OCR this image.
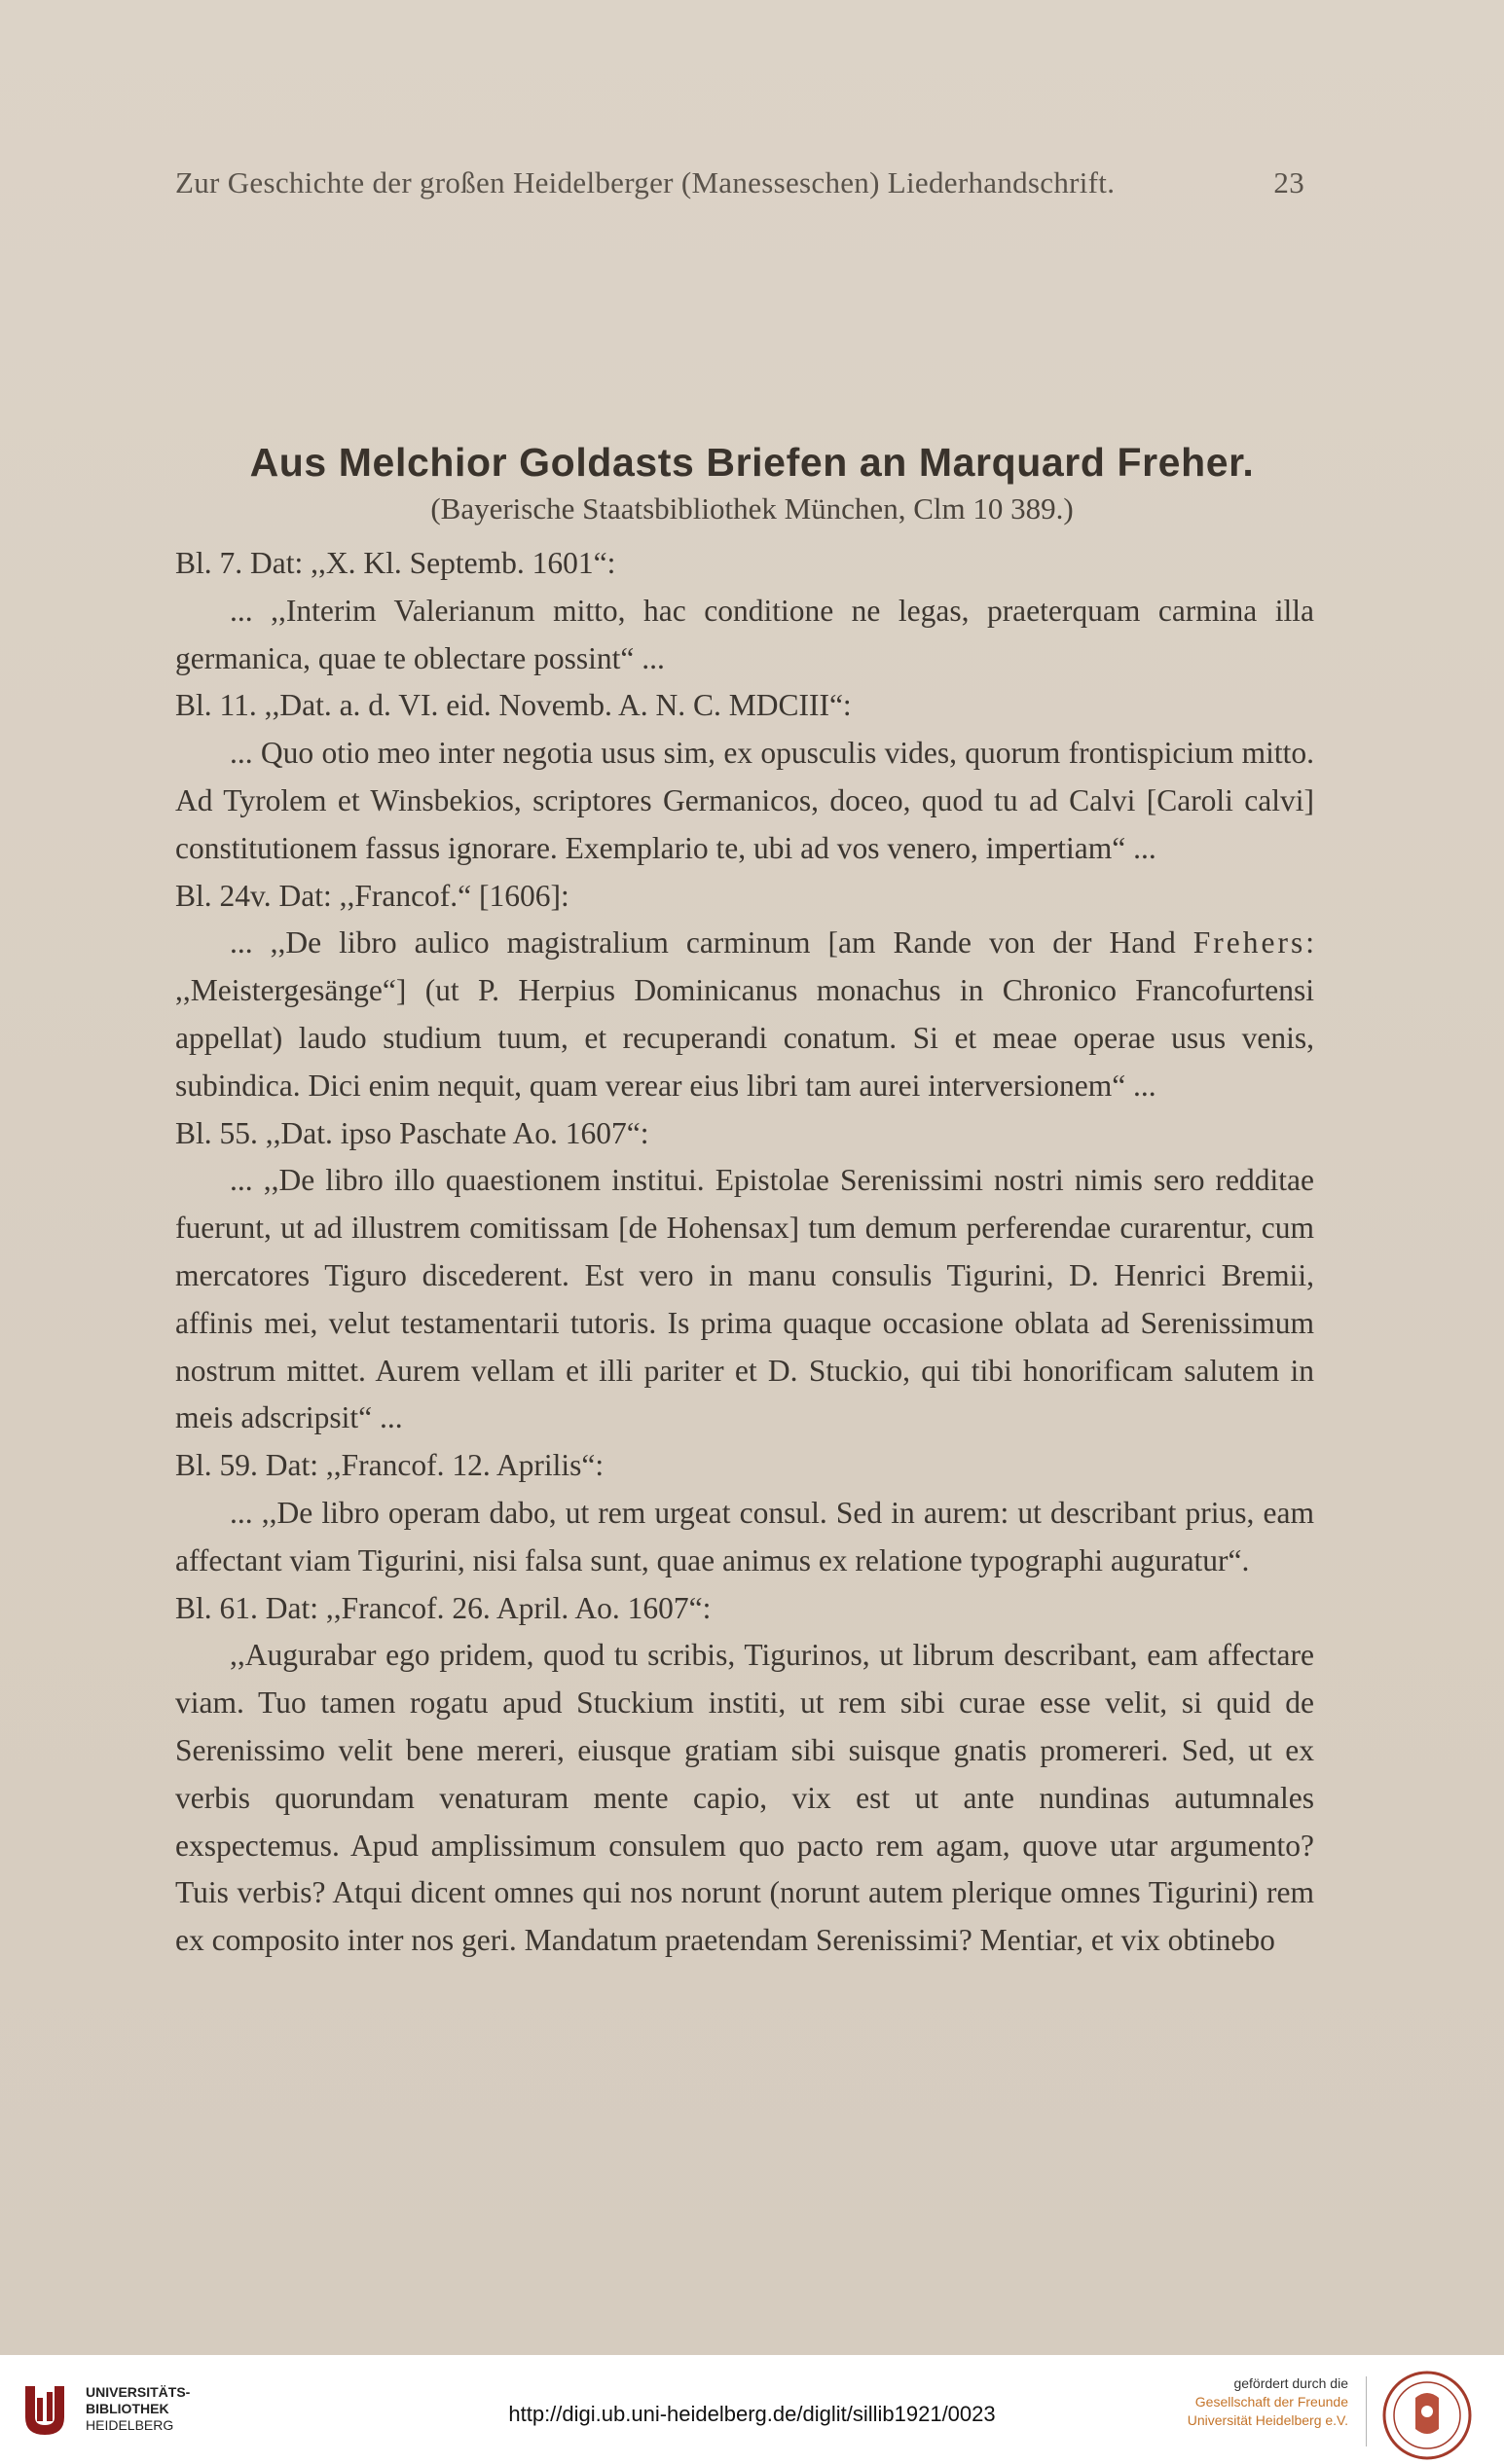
Zur Geschichte der großen Heidelberger (Manesseschen) Liederhandschrift.	23
Aus Melchior Goldasts Briefen an Marquard Freher.
(Bayerische Staatsbibliothek München, Clm 10 389.)

Bl. 7. Dat: ,,X. Kl. Septemb. 1601“:

... ,,Interim Valerianum mitto, hac conditione ne legas, praeterquam carmina illa germanica, quae te oblectare possint“ ...

Bl. 11. ,,Dat. a. d. VI. eid. Novemb. A. N. C. MDCIII“:

... Quo otio meo inter negotia usus sim, ex opusculis vides, quorum frontispicium mitto. Ad Tyrolem et Winsbekios, scriptores Germanicos, doceo, quod tu ad Calvi [Caroli calvi] constitutionem fassus ignorare. Exemplario te, ubi ad vos venero, impertiam“ ...

Bl. 24v. Dat: ,,Francof.“ [1606]:

... ,,De libro aulico magistralium carminum [am Rande von der Hand Frehers: ,,Meistergesänge“] (ut P. Herpius Dominicanus monachus in Chronico Francofurtensi appellat) laudo studium tuum, et recuperandi conatum. Si et meae operae usus venis, subindica. Dici enim nequit, quam verear eius libri tam aurei interversionem“ ...

Bl. 55. ,,Dat. ipso Paschate Ao. 1607“:

... ,,De libro illo quaestionem institui. Epistolae Serenissimi nostri nimis sero redditae fuerunt, ut ad illustrem comitissam [de Hohensax] tum demum perferendae curarentur, cum mercatores Tiguro discederent. Est vero in manu consulis Tigurini, D. Henrici Bremii, affinis mei, velut testamentarii tutoris. Is prima quaque occasione oblata ad Serenissimum nostrum mittet. Aurem vellam et illi pariter et D. Stuckio, qui tibi honorificam salutem in meis adscripsit“ ...

Bl. 59. Dat: ,,Francof. 12. Aprilis“:

... ,,De libro operam dabo, ut rem urgeat consul. Sed in aurem: ut describant prius, eam affectant viam Tigurini, nisi falsa sunt, quae animus ex relatione typographi auguratur“.

Bl. 61. Dat: ,,Francof. 26. April. Ao. 1607“:

,,Augurabar ego pridem, quod tu scribis, Tigurinos, ut librum describant, eam affectare viam. Tuo tamen rogatu apud Stuckium institi, ut rem sibi curae esse velit, si quid de Serenissimo velit bene mereri, eiusque gratiam sibi suisque gnatis promereri. Sed, ut ex verbis quorundam venaturam mente capio, vix est ut ante nundinas autumnales exspectemus. Apud amplissimum consulem quo pacto rem agam, quove utar argumento? Tuis verbis? Atqui dicent omnes qui nos norunt (norunt autem plerique omnes Tigurini) rem ex composito inter nos geri. Mandatum praetendam Serenissimi? Mentiar, et vix obtinebo

UNIVERSITÄTS-
BIBLIOTHEK
HEIDELBERG	http://digi.ub.uni-heidelberg.de/diglit/sillib1921/0023
gefördert durch die
Gesellschaft der Freunde
Universität Heidelberg e.V.
